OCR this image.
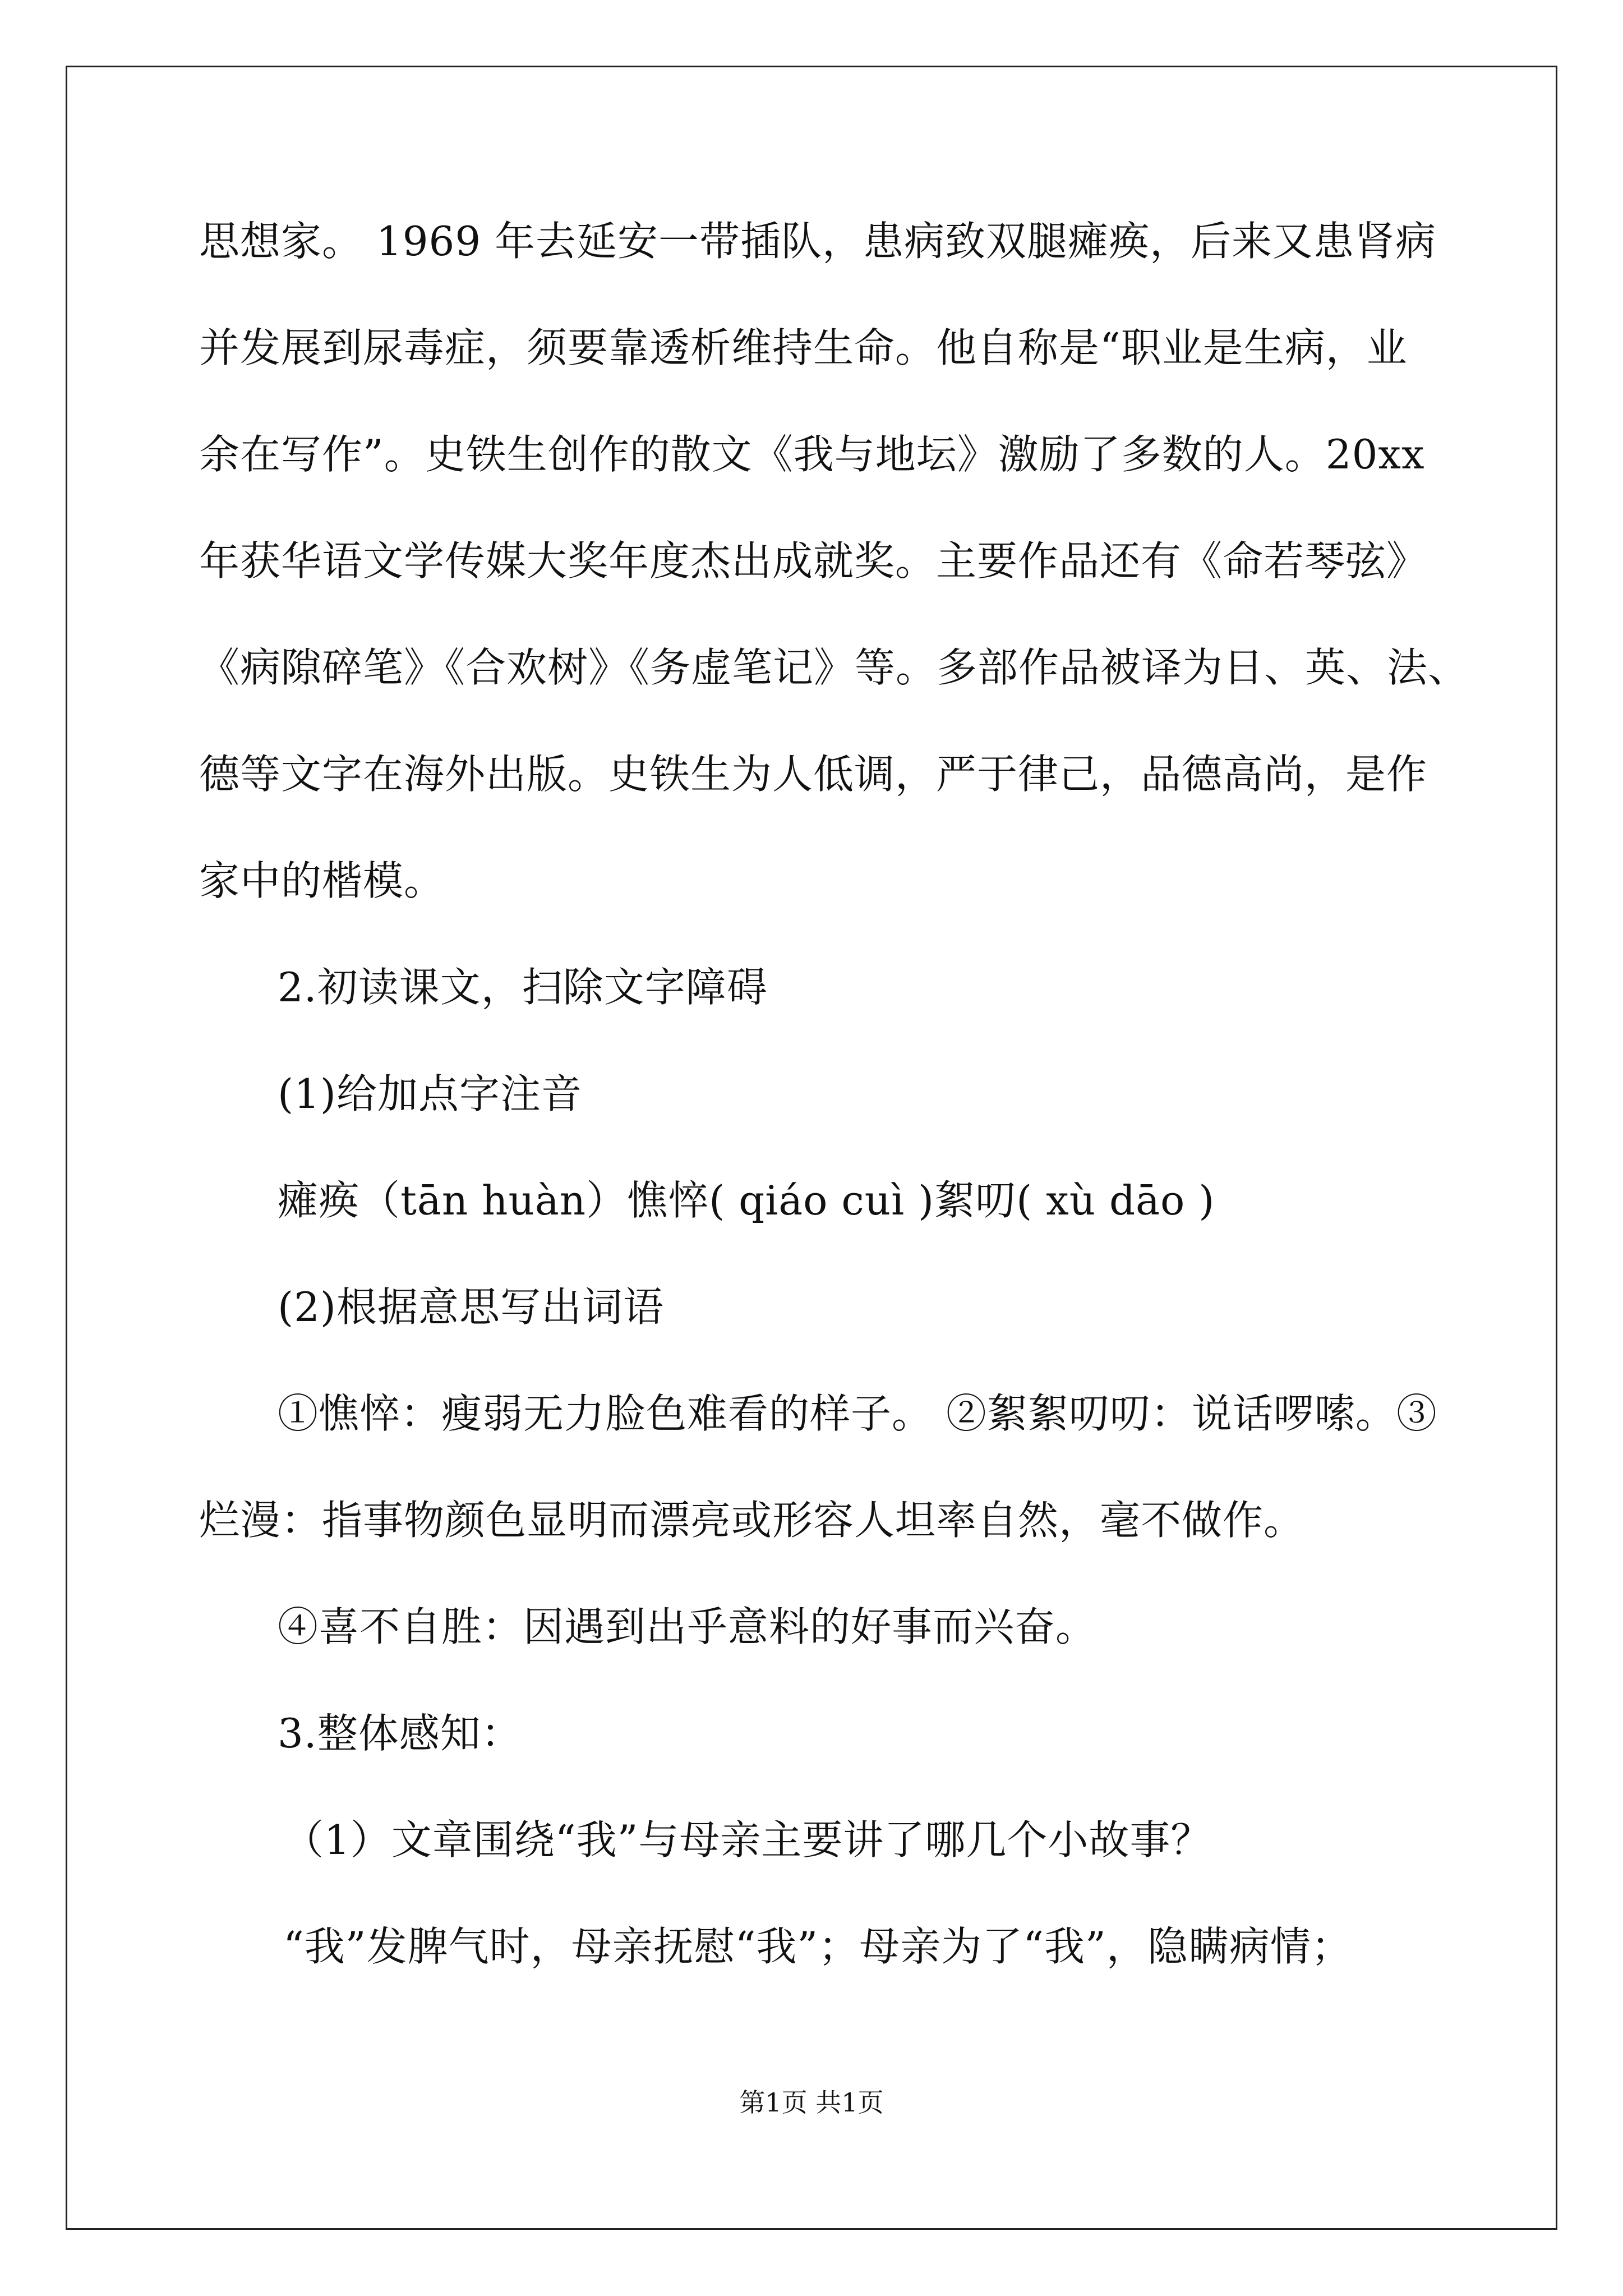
思想家。 1969 年去延安一带插队，患病致双腿瘫痪，后来又患肾病
并发展到尿毒症，须要靠透析维持生命。他自称是“职业是生病，业
余在写作”。史铁生创作的散文《我与地坛》激励了多数的人。20xx
年获华语文学传媒大奖年度杰出成就奖。主要作品还有《命若琴弦》
《病隙碎笔》《合欢树》《务虚笔记》等。多部作品被译为日、英、法、
德等文字在海外出版。史铁生为人低调，严于律己，品德高尚，是作
家中的楷模。
2.初读课文，扫除文字障碍
(1)给加点字注音
瘫痪（tān huàn）憔悴( qiáo cuì )絮叨( xù dāo )
(2)根据意思写出词语
①憔悴：瘦弱无力脸色难看的样子。 ②絮絮叨叨：说话啰嗦。③
烂漫：指事物颜色显明而漂亮或形容人坦率自然，毫不做作。
④喜不自胜：因遇到出乎意料的好事而兴奋。
3.整体感知：
（1）文章围绕“我”与母亲主要讲了哪几个小故事？
“我”发脾气时，母亲抚慰“我”；母亲为了“我”，隐瞒病情；
第1页 共1页
